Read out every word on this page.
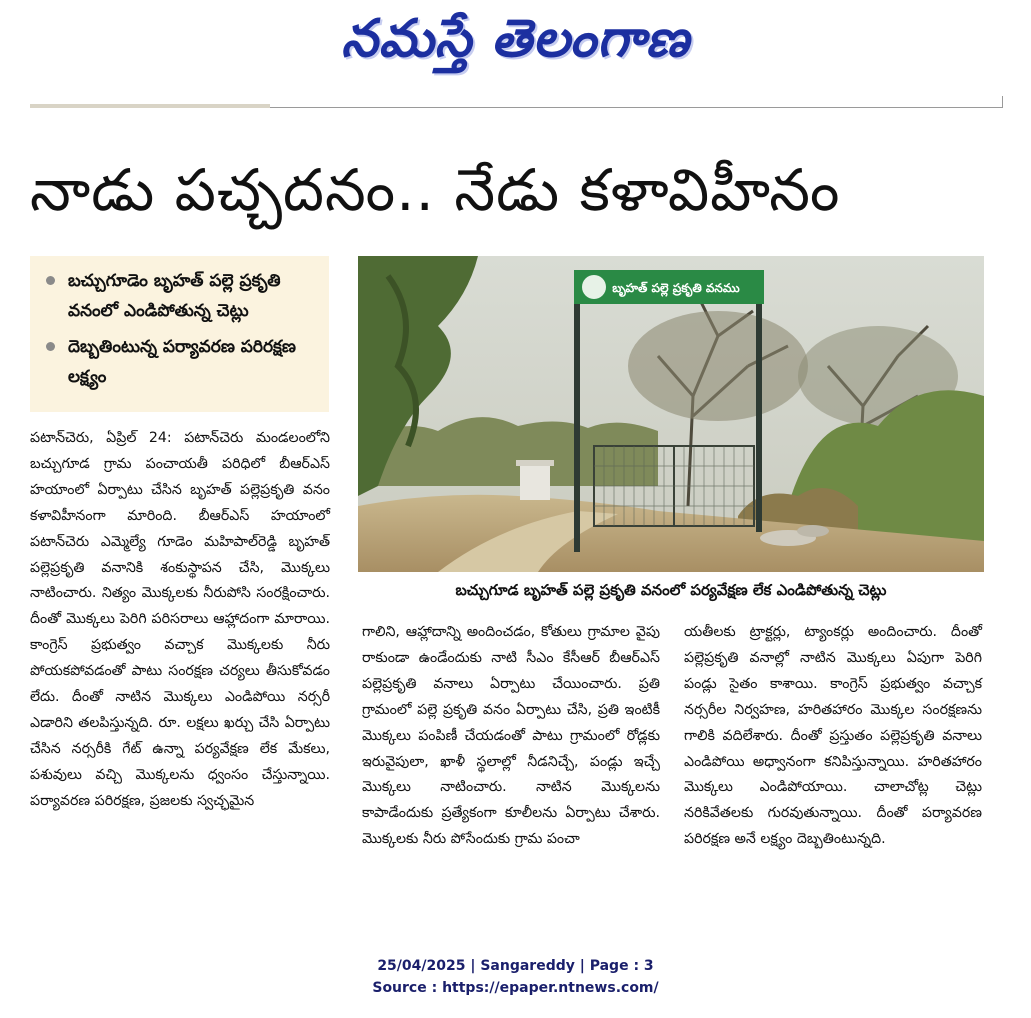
నమస్తే తెలంగాణ
నాడు పచ్చదనం.. నేడు కళావిహీనం
బచ్చుగూడెం బృహత్ పల్లె ప్రకృతి వనంలో ఎండిపోతున్న చెట్లు
దెబ్బతింటున్న పర్యావరణ పరిరక్షణ లక్ష్యం
బృహత్ పల్లె ప్రకృతి వనము
బచ్చుగూడ బృహత్ పల్లె ప్రకృతి వనంలో పర్యవేక్షణ లేక ఎండిపోతున్న చెట్లు

పటాన్‌చెరు, ఏప్రిల్ 24: పటాన్‌చెరు మండలంలోని బచ్చుగూడ గ్రామ పంచాయతీ పరిధిలో బీఆర్‌ఎస్ హయాంలో ఏర్పాటు చేసిన బృహత్ పల్లెప్రకృతి వనం కళావిహీనంగా మారింది. బీఆర్‌ఎస్ హయాంలో పటాన్‌చెరు ఎమ్మెల్యే గూడెం మహిపాల్‌రెడ్డి బృహత్ పల్లెప్రకృతి వనానికి శంకుస్థాపన చేసి, మొక్కలు నాటించారు. నిత్యం మొక్కలకు నీరుపోసి సంరక్షించారు. దీంతో మొక్కలు పెరిగి పరిసరాలు ఆహ్లాదంగా మారాయి. కాంగ్రెస్ ప్రభుత్వం వచ్చాక మొక్కలకు నీరు పోయకపోవడంతో పాటు సంరక్షణ చర్యలు తీసుకోవడం లేదు. దీంతో నాటిన మొక్కలు ఎండిపోయి నర్సరీ ఎడారిని తలపిస్తున్నది. రూ. లక్షలు ఖర్చు చేసి ఏర్పాటు చేసిన నర్సరీకి గేట్ ఉన్నా పర్యవేక్షణ లేక మేకలు, పశువులు వచ్చి మొక్కలను ధ్వంసం చేస్తున్నాయి. పర్యావరణ పరిరక్షణ, ప్రజలకు స్వచ్ఛమైన

గాలిని, ఆహ్లాదాన్ని అందించడం, కోతులు గ్రామాల వైపు రాకుండా ఉండేందుకు నాటి సీఎం కేసీఆర్ బీఆర్‌ఎస్ పల్లెప్రకృతి వనాలు ఏర్పాటు చేయించారు. ప్రతి గ్రామంలో పల్లె ప్రకృతి వనం ఏర్పాటు చేసి, ప్రతి ఇంటికీ మొక్కలు పంపిణీ చేయడంతో పాటు గ్రామంలో రోడ్లకు ఇరువైపులా, ఖాళీ స్థలాల్లో నీడనిచ్చే, పండ్లు ఇచ్చే మొక్కలు నాటించారు. నాటిన మొక్కలను కాపాడేందుకు ప్రత్యేకంగా కూలీలను ఏర్పాటు చేశారు. మొక్కలకు నీరు పోసేందుకు గ్రామ పంచా

యతీలకు ట్రాక్టర్లు, ట్యాంకర్లు అందించారు. దీంతో పల్లెప్రకృతి వనాల్లో నాటిన మొక్కలు ఏపుగా పెరిగి పండ్లు సైతం కాశాయి. కాంగ్రెస్ ప్రభుత్వం వచ్చాక నర్సరీల నిర్వహణ, హరితహారం మొక్కల సంరక్షణను గాలికి వదిలేశారు. దీంతో ప్రస్తుతం పల్లెప్రకృతి వనాలు ఎండిపోయి అధ్వానంగా కనిపిస్తున్నాయి. హరితహారం మొక్కలు ఎండిపోయాయి. చాలాచోట్ల చెట్లు నరికివేతలకు గురవుతున్నాయి. దీంతో పర్యావరణ పరిరక్షణ అనే లక్ష్యం దెబ్బతింటున్నది.

25/04/2025 | Sangareddy | Page : 3
Source : https://epaper.ntnews.com/
